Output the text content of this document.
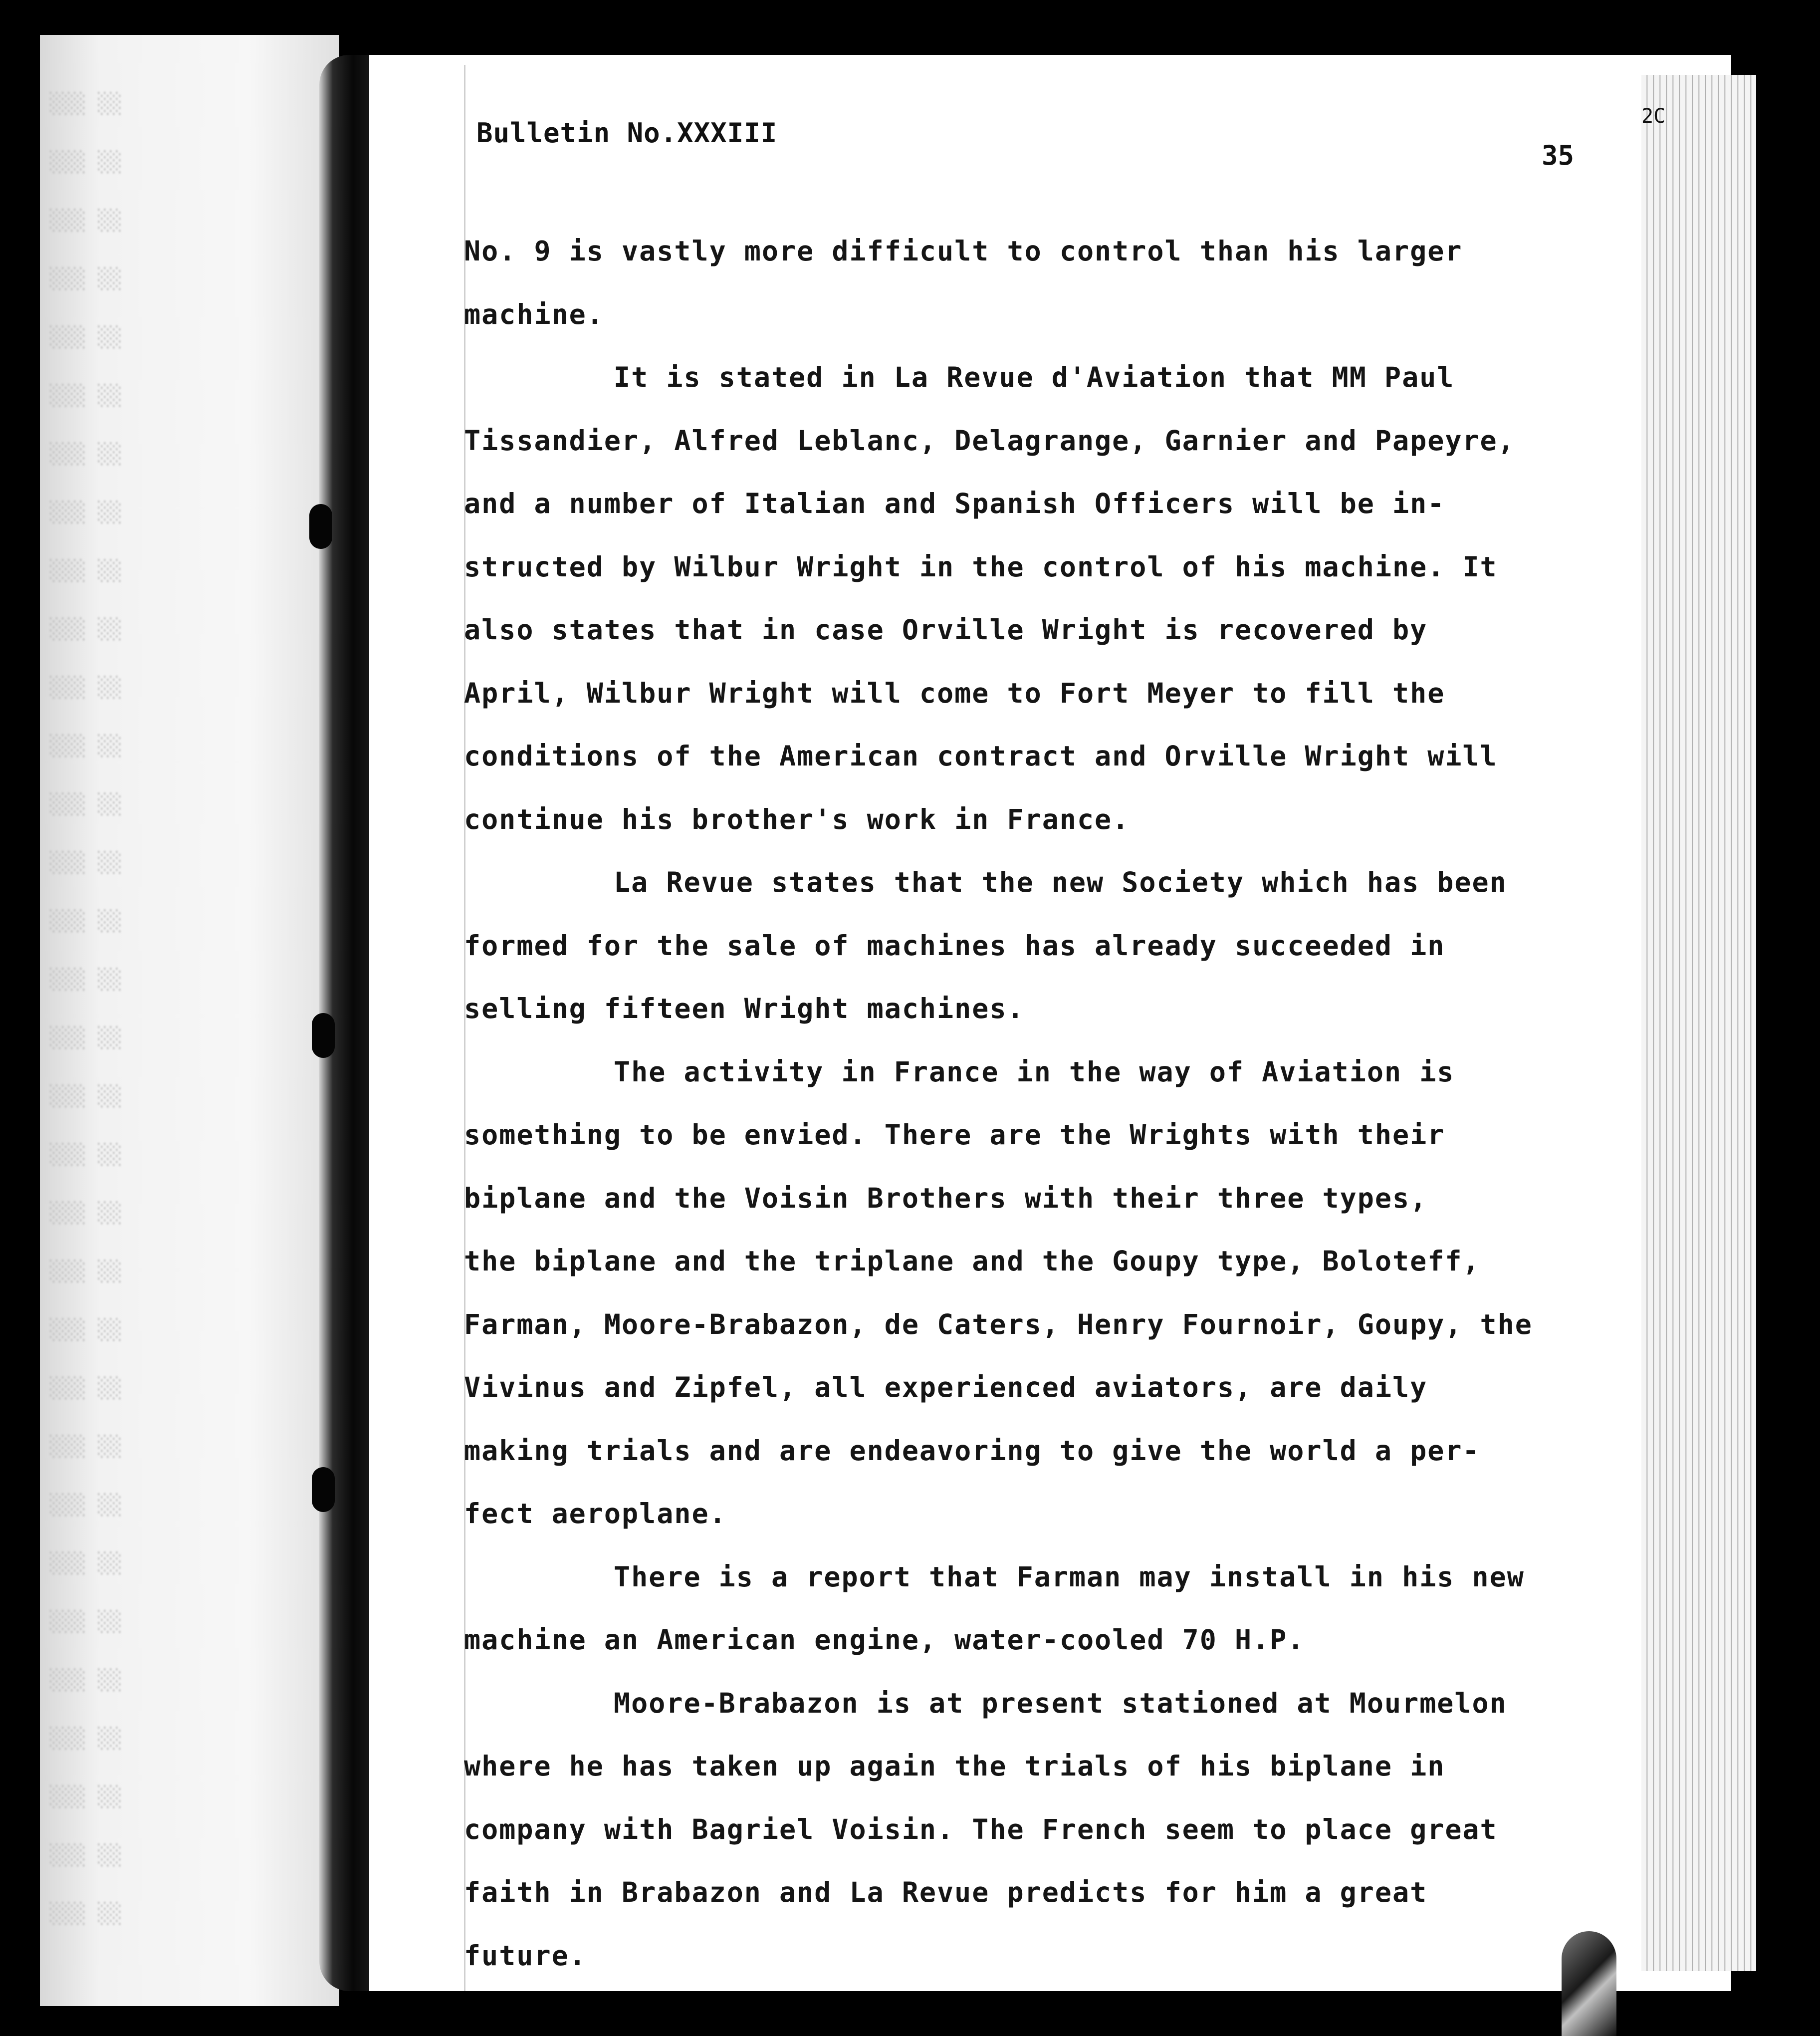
░░░ ░░
░░░ ░░
░░░ ░░
░░░ ░░
░░░ ░░
░░░ ░░
░░░ ░░
░░░ ░░
░░░ ░░
░░░ ░░
░░░ ░░
░░░ ░░
░░░ ░░
░░░ ░░
░░░ ░░
░░░ ░░
░░░ ░░
░░░ ░░
░░░ ░░
░░░ ░░
░░░ ░░
░░░ ░░
░░░ ░░
░░░ ░░
░░░ ░░
░░░ ░░
░░░ ░░
░░░ ░░
░░░ ░░
░░░ ░░
░░░ ░░
░░░ ░░
2C
Bulletin No.XXXIII
35
No. 9 is vastly more difficult to control than his larger
machine.
It is stated in La Revue d'Aviation that MM Paul
Tissandier, Alfred Leblanc, Delagrange, Garnier and Papeyre,
and a number of Italian and Spanish Officers will be in-
structed by Wilbur Wright in the control of his machine. It
also states that in case Orville Wright is recovered by
April, Wilbur Wright will come to Fort Meyer to fill the
conditions of the American contract and Orville Wright will
continue his brother's work in France.
La Revue states that the new Society which has been
formed for the sale of machines has already succeeded in
selling fifteen Wright machines.
The activity in France in the way of Aviation is
something to be envied. There are the Wrights with their
biplane and the Voisin Brothers with their three types,
the biplane and the triplane and the Goupy type, Boloteff,
Farman, Moore-Brabazon, de Caters, Henry Fournoir, Goupy, the
Vivinus and Zipfel, all experienced aviators, are daily
making trials and are endeavoring to give the world a per-
fect aeroplane.
There is a report that Farman may install in his new
machine an American engine, water-cooled 70 H.P.
Moore-Brabazon is at present stationed at Mourmelon
where he has taken up again the trials of his biplane in
company with Bagriel Voisin. The French seem to place great
faith in Brabazon and La Revue predicts for him a great
future.
